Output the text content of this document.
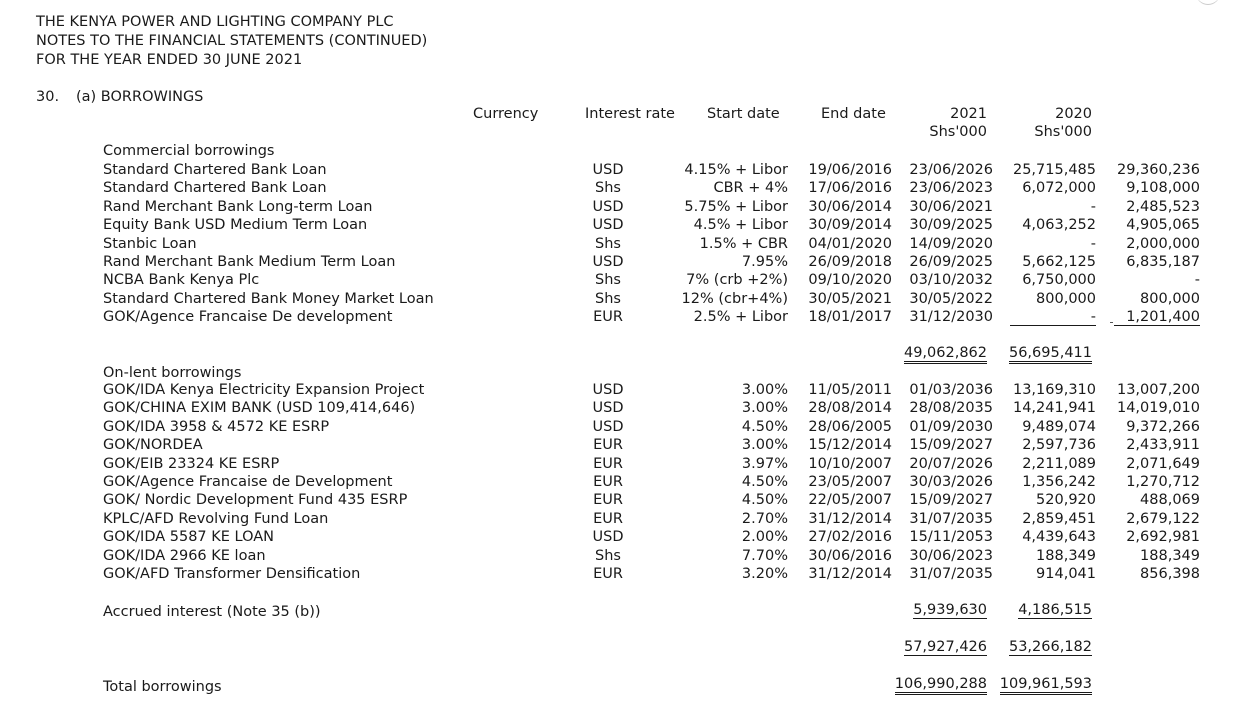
THE KENYA POWER AND LIGHTING COMPANY PLC
NOTES TO THE FINANCIAL STATEMENTS (CONTINUED)
FOR THE YEAR ENDED 30 JUNE 2021
30. (a) BORROWINGS
Currency	Interest rate Start date	End date	2021	2020
Shs'000	Shs'000
Commercial borrowings
Standard Chartered Bank Loan	USD	4.15% + Libor	19/06/2016	23/06/2026	25,715,485	29,360,236
Standard Chartered Bank Loan	Shs	CBR + 4%	17/06/2016	23/06/2023	6,072,000	9,108,000
Rand Merchant Bank Long-term Loan	USD	5.75% + Libor	30/06/2014	30/06/2021	-	2,485,523
Equity Bank USD Medium Term Loan	USD	4.5% + Libor	30/09/2014	30/09/2025	4,063,252	4,905,065
Stanbic Loan	Shs	1.5% + CBR	04/01/2020	14/09/2020	-	2,000,000
Rand Merchant Bank Medium Term Loan	USD	7.95%	26/09/2018	26/09/2025	5,662,125	6,835,187
NCBA Bank Kenya Plc	Shs	7% (crb +2%)	09/10/2020	03/10/2032	6,750,000	-
Standard Chartered Bank Money Market Loan	Shs	12% (cbr+4%)	30/05/2021	30/05/2022	800,000	800,000
GOK/Agence Francaise De development	EUR	2.5% + Libor	18/01/2017	31/12/2030	-	1,201,400
49,062,862	56,695,411
On-lent borrowings
GOK/IDA Kenya Electricity Expansion Project	USD	3.00%	11/05/2011	01/03/2036	13,169,310	13,007,200
GOK/CHINA EXIM BANK (USD 109,414,646)	USD	3.00%	28/08/2014	28/08/2035	14,241,941	14,019,010
GOK/IDA 3958 & 4572 KE ESRP	USD	4.50%	28/06/2005	01/09/2030	9,489,074	9,372,266
GOK/NORDEA	EUR	3.00%	15/12/2014	15/09/2027	2,597,736	2,433,911
GOK/EIB 23324 KE ESRP	EUR	3.97%	10/10/2007	20/07/2026	2,211,089	2,071,649
GOK/Agence Francaise de Development	EUR	4.50%	23/05/2007	30/03/2026	1,356,242	1,270,712
GOK/ Nordic Development Fund 435 ESRP	EUR	4.50%	22/05/2007	15/09/2027	520,920	488,069
KPLC/AFD Revolving Fund Loan	EUR	2.70%	31/12/2014	31/07/2035	2,859,451	2,679,122
GOK/IDA 5587 KE LOAN	USD	2.00%	27/02/2016	15/11/2053	4,439,643	2,692,981
GOK/IDA 2966 KE loan	Shs	7.70%	30/06/2016	30/06/2023	188,349	188,349
GOK/AFD Transformer Densification	EUR	3.20%	31/12/2014	31/07/2035	914,041	856,398
Accrued interest (Note 35 (b))	5,939,630	4,186,515
57,927,426	53,266,182
Total borrowings	106,990,288 109,961,593
